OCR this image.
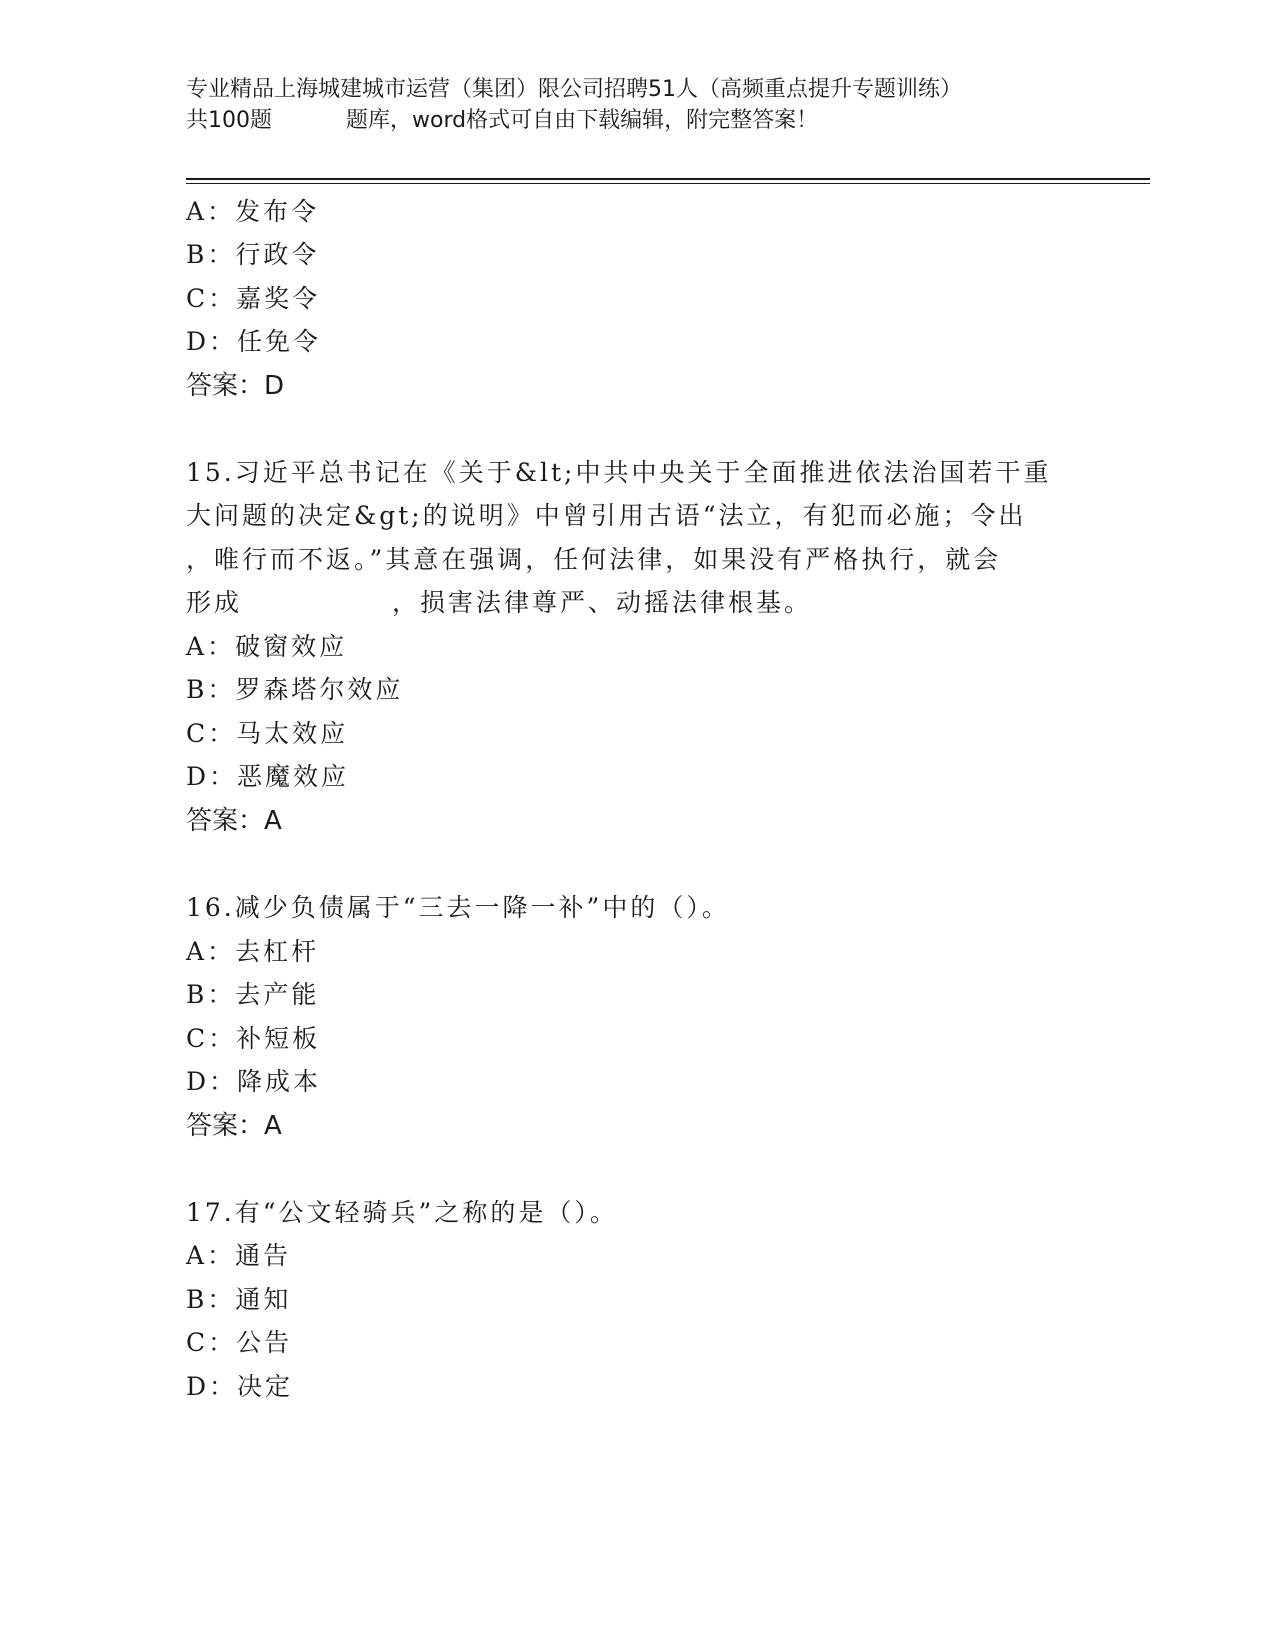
专业精品上海城建城市运营（集团）限公司招聘51人（高频重点提升专题训练）
共100题	题库，word格式可自由下载编辑，附完整答案！
A：发布令
B：行政令
C：嘉奖令
D：任免令
答案：D
15.习近平总书记在《关于&lt;中共中央关于全面推进依法治国若干重
大问题的决定&gt;的说明》中曾引用古语“法立，有犯而必施；令出
，唯行而不返。”其意在强调，任何法律，如果没有严格执行，就会
形成	，损害法律尊严、动摇法律根基。
A：破窗效应
B：罗森塔尔效应
C：马太效应
D：恶魔效应
答案：A
16.减少负债属于“三去一降一补”中的（）。
A：去杠杆
B：去产能
C：补短板
D：降成本
答案：A
17.有“公文轻骑兵”之称的是（）。
A：通告
B：通知
C：公告
D：决定
